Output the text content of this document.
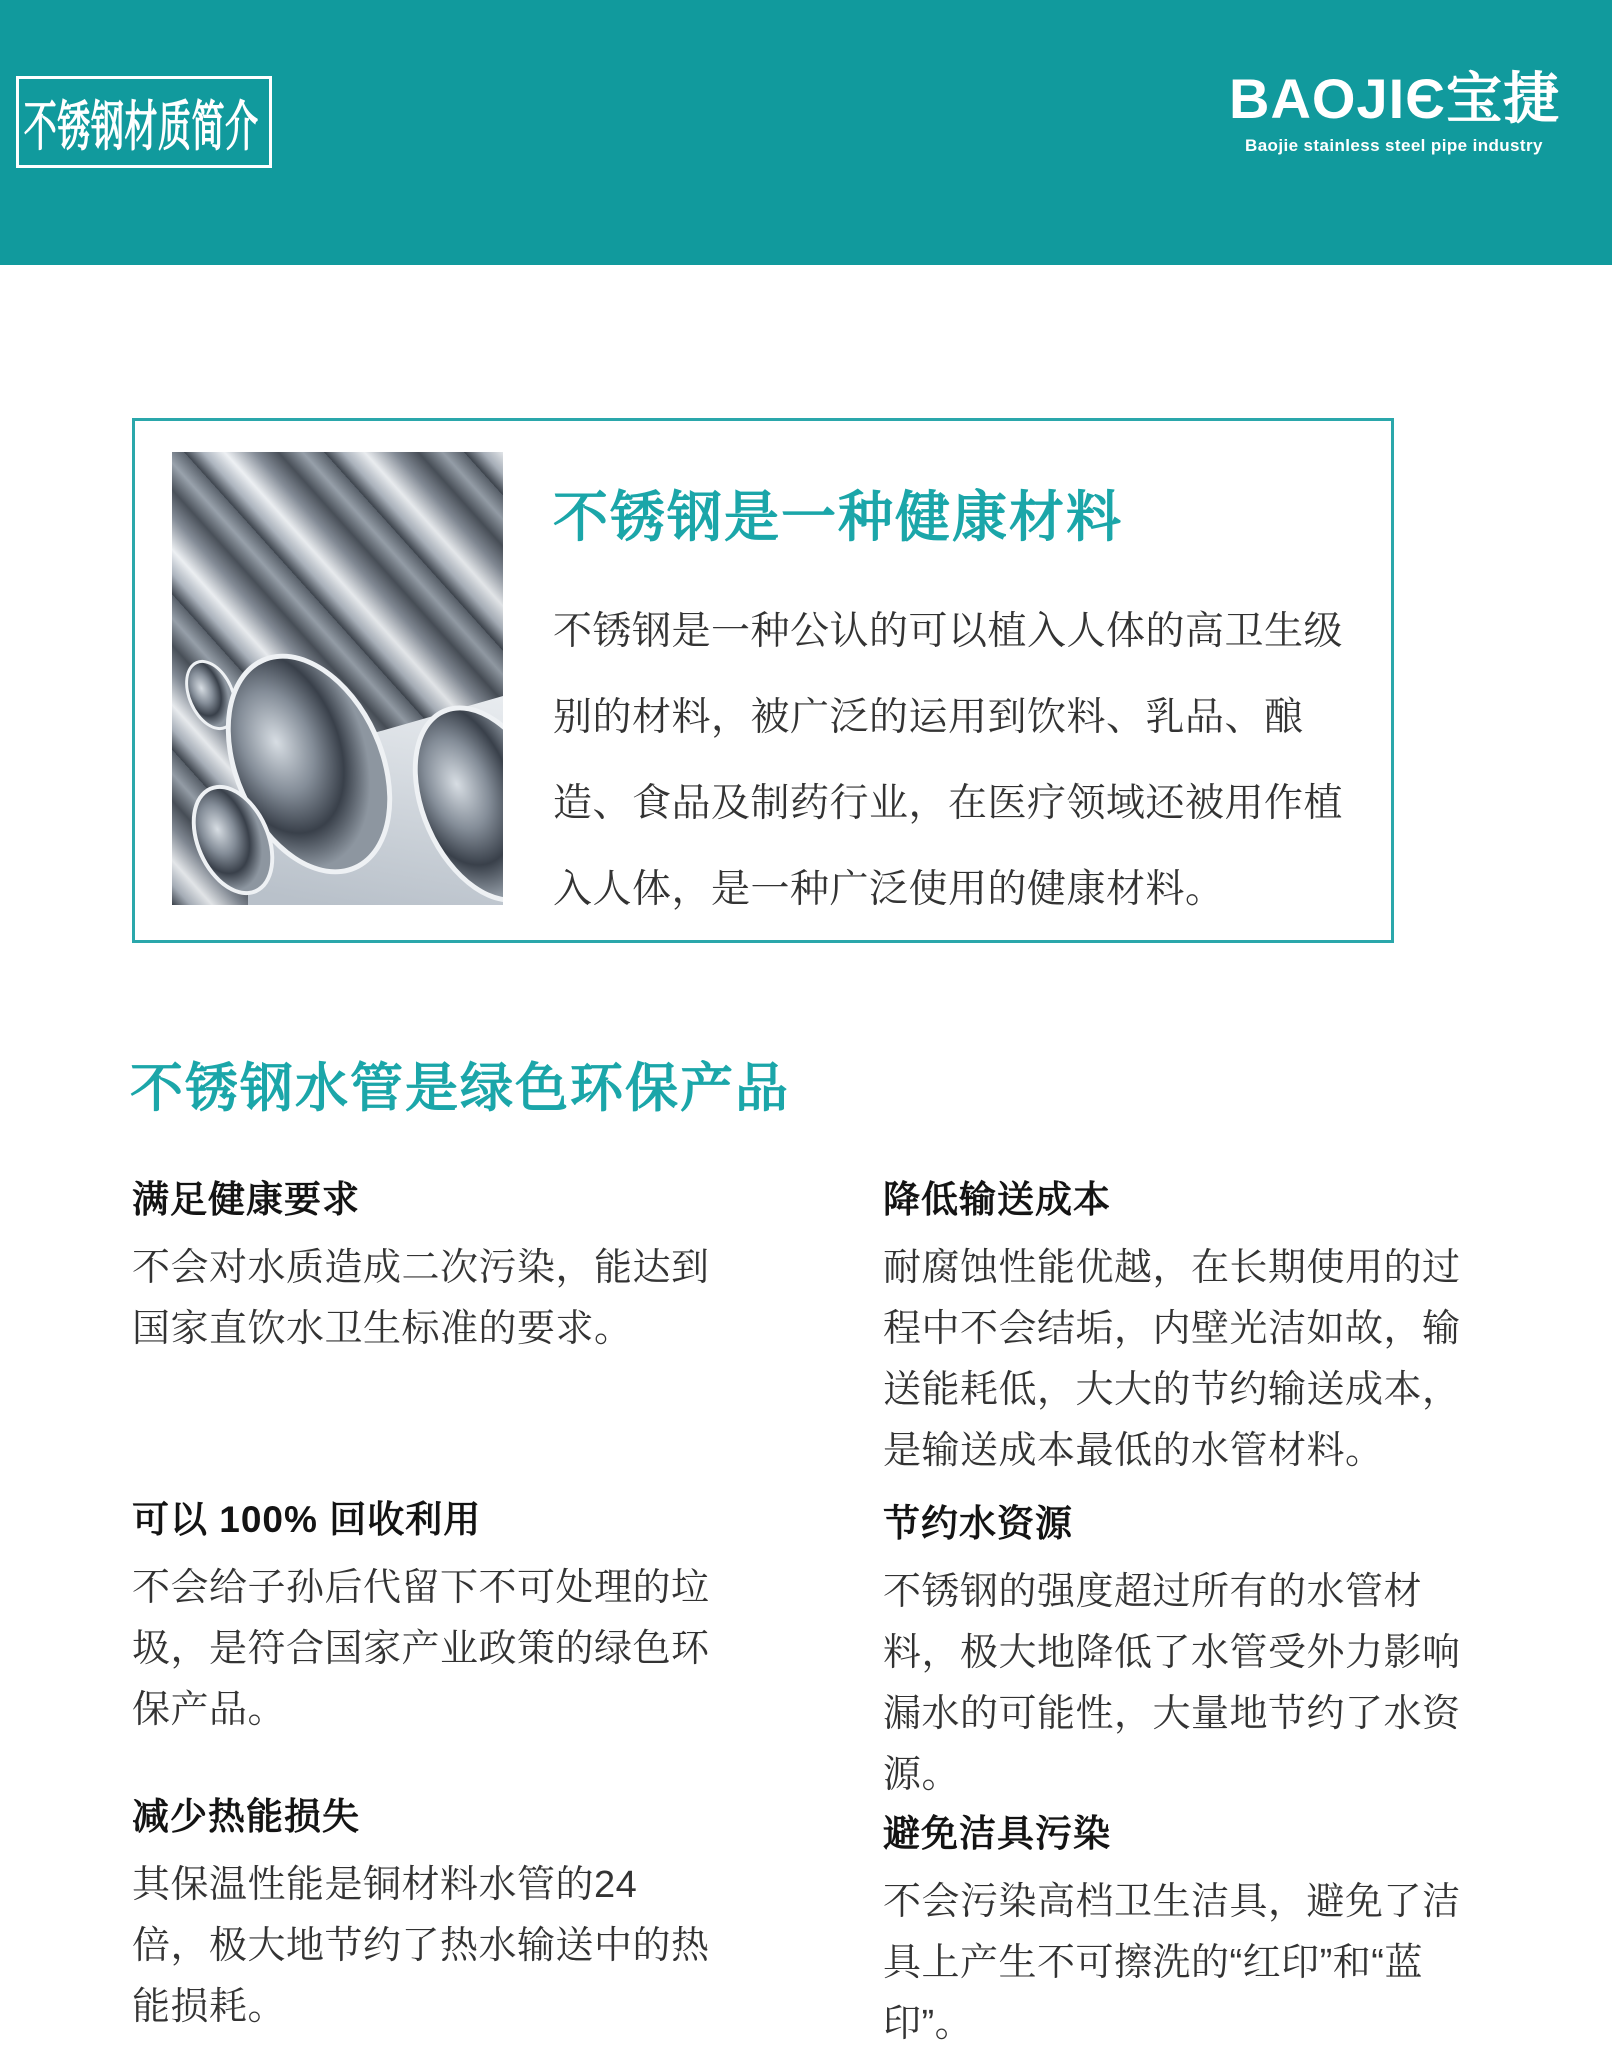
不锈钢材质简介	BAOJIЄ宝捷
Baojie stainless steel pipe industry
不锈钢是一种健康材料

不锈钢是一种公认的可以植入人体的高卫生级别的材料，被广泛的运用到饮料、乳品、酿造、食品及制药行业，在医疗领域还被用作植入人体，是一种广泛使用的健康材料。

不锈钢水管是绿色环保产品
满足健康要求

不会对水质造成二次污染，能达到国家直饮水卫生标准的要求。

可以 100% 回收利用

不会给子孙后代留下不可处理的垃圾，是符合国家产业政策的绿色环保产品。

减少热能损失

其保温性能是铜材料水管的24倍，极大地节约了热水输送中的热能损耗。

降低输送成本

耐腐蚀性能优越，在长期使用的过程中不会结垢，内壁光洁如故，输送能耗低，大大的节约输送成本，是输送成本最低的水管材料。

节约水资源

不锈钢的强度超过所有的水管材料，极大地降低了水管受外力影响漏水的可能性，大量地节约了水资源。

避免洁具污染

不会污染高档卫生洁具，避免了洁具上产生不可擦洗的“红印”和“蓝印”。
